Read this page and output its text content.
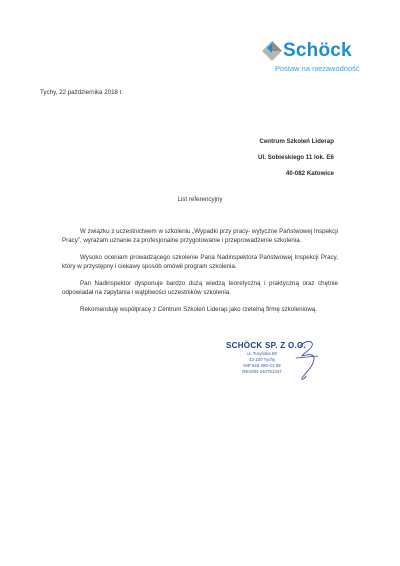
Schöck
Postaw na niezawodność
Tychy, 22 października 2018 r.
Centrum Szkoleń Liderap
Ul. Sobieskiego 11 lok. E6
40-082 Katowice
List referencyjny

W związku z uczestnictwem w szkoleniu „Wypadki przy pracy- wytyczne Państwowej Inspekcji Pracy”, wyrażam uznanie za profesjonalne przygotowanie i przeprowadzenie szkolenia.

Wysoko oceniam prowadzącego szkolenie Pana Nadinspektora Państwowej Inspekcji Pracy, który w przystępny i ciekawy sposób omówił program szkolenia.

Pan Nadinspektor dysponuje bardzo dużą wiedzą teoretyczną i praktyczną oraz chętnie odpowiadał na zapytania i wątpliwości uczestników szkolenia.

Rekomenduję współpracę z Centrum Szkoleń Liderap jako rzetelną firmę szkoleniową.

SCHÖCK SP. Z O.O.
ul. Turyńska 80
43-100 Tychy
NIP 646-280-41-09
REGON 240781347
